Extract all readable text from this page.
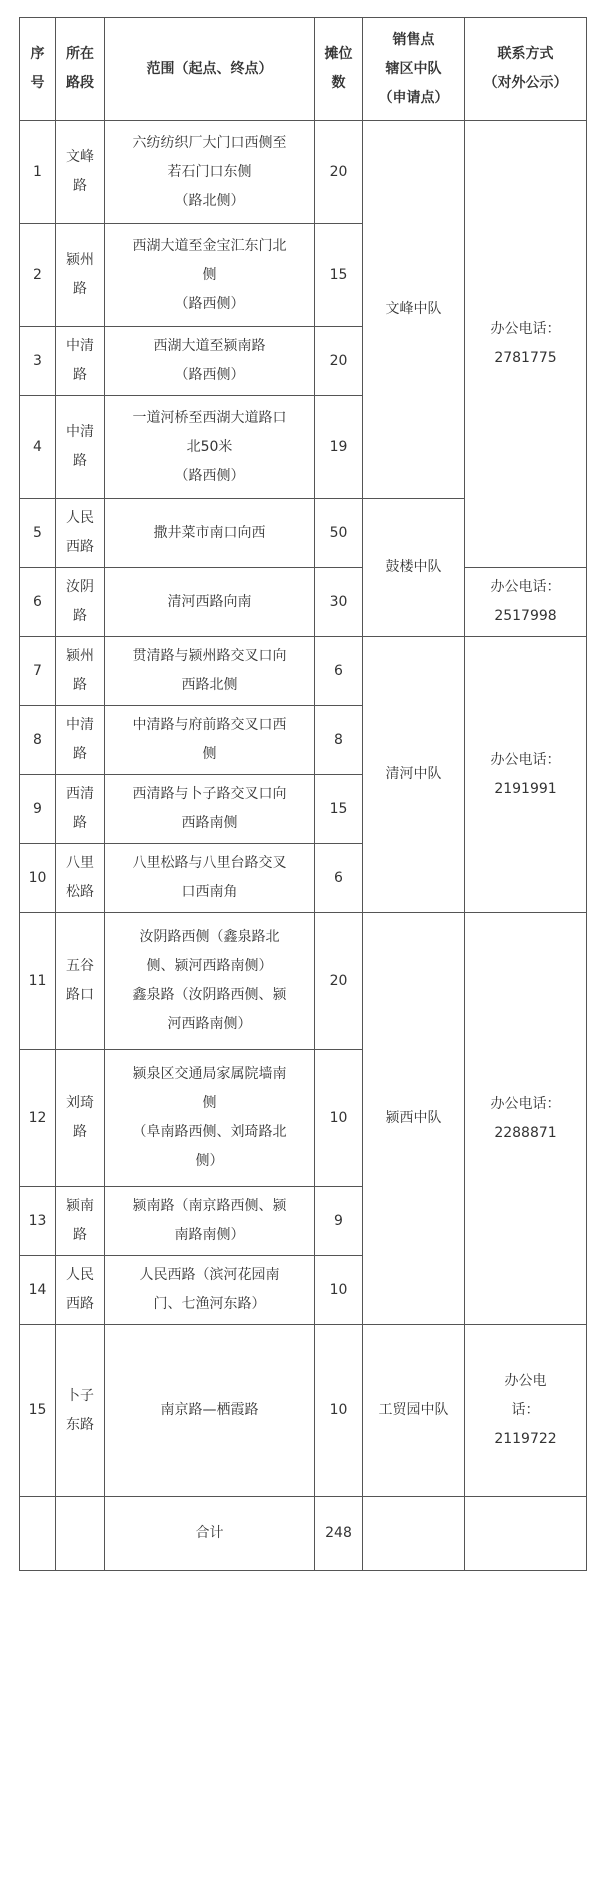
序
号	所在
路段	范围（起点、终点）	摊位
数	销售点
辖区中队
（申请点）	联系方式
（对外公示）

1	文峰
路	六纺纺织厂大门口西侧至
若石门口东侧
（路北侧）	20	文峰中队	办公电话：
2781775

2	颍州
路	西湖大道至金宝汇东门北
侧
（路西侧）	15		

3	中清
路	西湖大道至颍南路
（路西侧）	20		

4	中清
路	一道河桥至西湖大道路口
北50米
（路西侧）	19		

5	人民
西路	撒井菜市南口向西	50	鼓楼中队	

6	汝阴
路	清河西路向南	30		办公电话：
2517998

7	颍州
路	贯清路与颍州路交叉口向
西路北侧	6	清河中队	办公电话：
2191991

8	中清
路	中清路与府前路交叉口西
侧	8		

9	西清
路	西清路与卜子路交叉口向
西路南侧	15		

10	八里
松路	八里松路与八里台路交叉
口西南角	6		

11	五谷
路口	汝阴路西侧（鑫泉路北
侧、颍河西路南侧）
鑫泉路（汝阴路西侧、颍
河西路南侧）	20	颍西中队	办公电话：
2288871

12	刘琦
路	颍泉区交通局家属院墙南
侧
（阜南路西侧、刘琦路北
侧）	10		

13	颍南
路	颍南路（南京路西侧、颍
南路南侧）	9		

14	人民
西路	人民西路（滨河花园南
门、七渔河东路）	10		

15	卜子
东路	南京路—栖霞路	10	工贸园中队	办公电
话：
2119722

		合计	248		
